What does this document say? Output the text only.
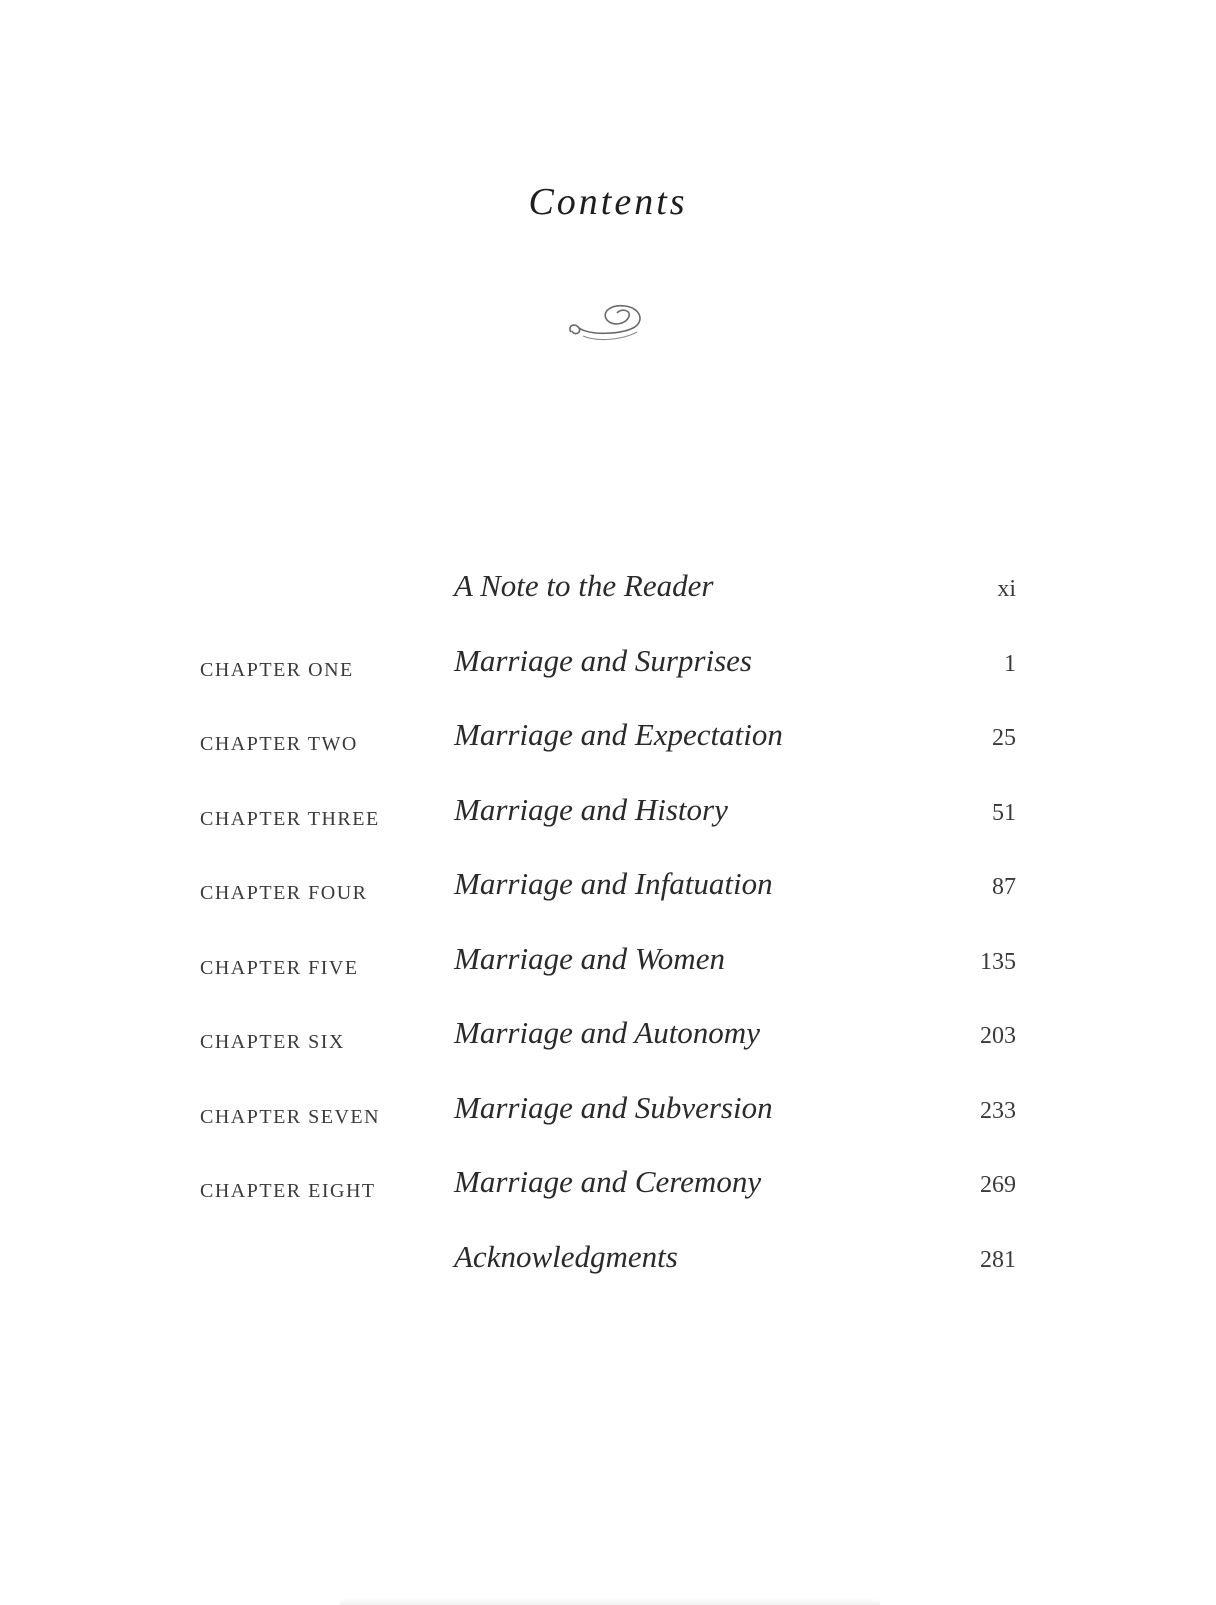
Contents
A Note to the Reader	xi
CHAPTER ONE	Marriage and Surprises	1
CHAPTER TWO	Marriage and Expectation	25
CHAPTER THREE Marriage and History	51
CHAPTER FOUR	Marriage and Infatuation	87
CHAPTER FIVE	Marriage and Women	135
CHAPTER SIX	Marriage and Autonomy	203
CHAPTER SEVEN Marriage and Subversion	233
CHAPTER EIGHT	Marriage and Ceremony	269
Acknowledgments	281
